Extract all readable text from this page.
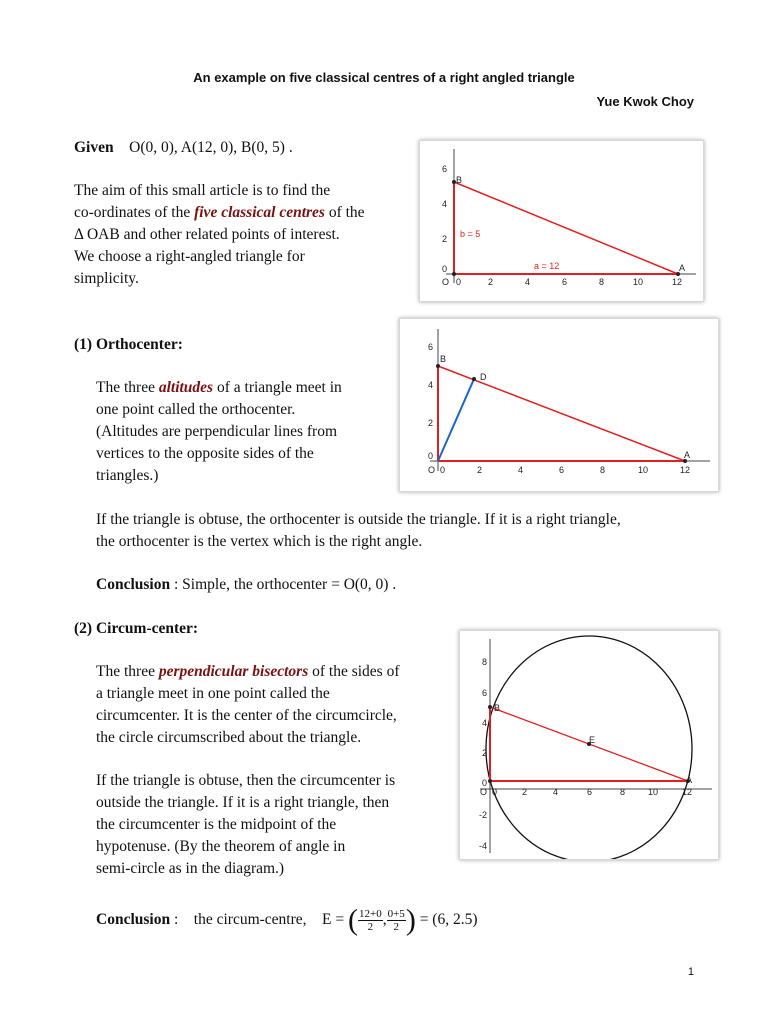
An example on five classical centres of a right angled triangle
Yue Kwok Choy
Given O(0, 0), A(12, 0), B(0, 5) .
The aim of this small article is to find the
co-ordinates of the five classical centres of the
Δ OAB and other related points of interest.
We choose a right-angled triangle for
simplicity.
6
4
2
0
O 0	2	4	6	8	10	12
B
A
b = 5
a = 12
(1) Orthocenter:
The three altitudes of a triangle meet in
one point called the orthocenter.
(Altitudes are perpendicular lines from
vertices to the opposite sides of the
triangles.)
6
4
2
0
O 0	2	4	6	8	10	12
B
A
D
If the triangle is obtuse, the orthocenter is outside the triangle. If it is a right triangle,
the orthocenter is the vertex which is the right angle.
Conclusion : Simple, the orthocenter = O(0, 0) .
(2) Circum-center:
The three perpendicular bisectors of the sides of
a triangle meet in one point called the
circumcenter. It is the center of the circumcircle,
the circle circumscribed about the triangle.
If the triangle is obtuse, then the circumcenter is
outside the triangle. If it is a right triangle, then
the circumcenter is the midpoint of the
hypotenuse. (By the theorem of angle in
semi-circle as in the diagram.)
8
6
4
2
0
-2
-4
O 0	2	4	6	8	10	12
B
A
E
Conclusion : the circum-centre, E = ( $\frac{12+0}{2}$ , $\frac{0+5}{2}$ ) = (6, 2.5)
1
